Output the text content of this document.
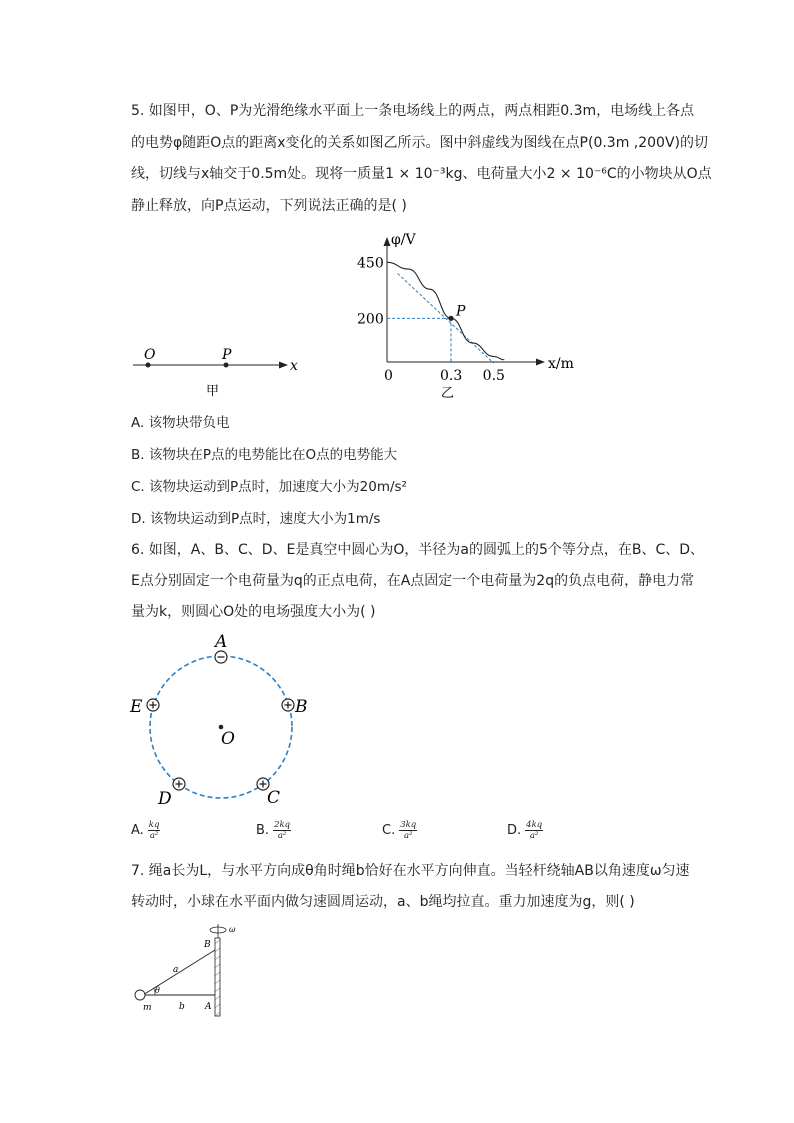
5. 如图甲，O、P为光滑绝缘水平面上一条电场线上的两点，两点相距0.3m，电场线上各点
的电势φ随距O点的距离x变化的关系如图乙所示。图中斜虚线为图线在点P(0.3m ,200V)的切
线，切线与x轴交于0.5m处。现将一质量1 × 10⁻³kg、电荷量大小2 × 10⁻⁶C的小物块从O点
静止释放，向P点运动，下列说法正确的是( )
O	P
x
甲
φ/V
x/m
450
200
0	0.3 0.5
P
乙
A. 该物块带负电
B. 该物块在P点的电势能比在O点的电势能大
C. 该物块运动到P点时，加速度大小为20m/s²
D. 该物块运动到P点时，速度大小为1m/s
6. 如图，A、B、C、D、E是真空中圆心为O，半径为a的圆弧上的5个等分点，在B、C、D、
E点分别固定一个电荷量为q的正点电荷，在A点固定一个电荷量为2q的负点电荷，静电力常
量为k，则圆心O处的电场强度大小为( )
A
B
C
D
E
O
A. $\frac{kq}{\text{a²}}$	B. $\frac{2kq}{\text{a²}}$	C. $\frac{3kq}{\text{a²}}$	D. $\frac{4kq}{\text{a²}}$
7. 绳a长为L，与水平方向成θ角时绳b恰好在水平方向伸直。当轻杆绕轴AB以角速度ω匀速
转动时，小球在水平面内做匀速圆周运动，a、b绳均拉直。重力加速度为g，则( )
ω
θ
B
A
a
b
m
